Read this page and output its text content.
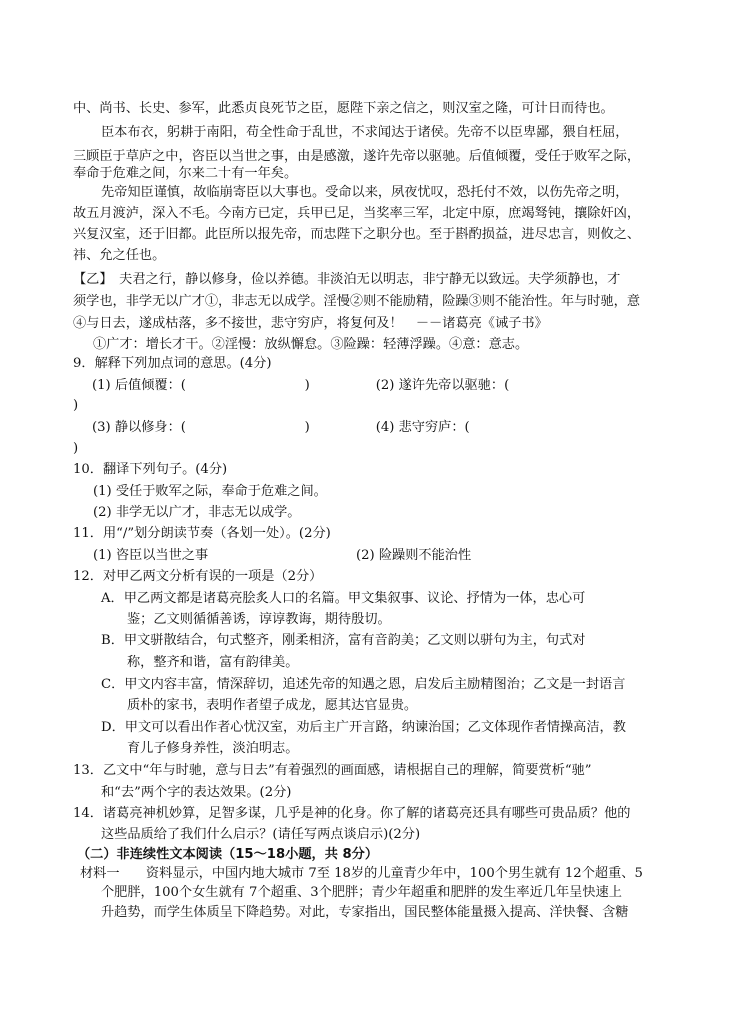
中、尚书、长史、参军，此悉贞良死节之臣，愿陛下亲之信之，则汉室之隆，可计日而待也。
臣本布衣，躬耕于南阳，苟全性命于乱世，不求闻达于诸侯。先帝不以臣卑鄙，猥自枉屈，
三顾臣于草庐之中，咨臣以当世之事，由是感激，遂许先帝以驱驰。后值倾覆，受任于败军之际，
奉命于危难之间，尔来二十有一年矣。
先帝知臣谨慎，故临崩寄臣以大事也。受命以来，夙夜忧叹，恐托付不效，以伤先帝之明，
故五月渡泸，深入不毛。今南方已定，兵甲已足，当奖率三军，北定中原，庶竭驽钝，攘除奸凶，
兴复汉室，还于旧都。此臣所以报先帝，而忠陛下之职分也。至于斟酌损益，进尽忠言，则攸之、
祎、允之任也。
【乙】　夫君之行，静以修身，俭以养德。非淡泊无以明志，非宁静无以致远。夫学须静也，才
须学也，非学无以广才①，非志无以成学。淫慢②则不能励精，险躁③则不能治性。年与时驰，意
④与日去，遂成枯落，多不接世，悲守穷庐，将复何及！　－－诸葛亮《诫子书》
①广才：增长才干。②淫慢：放纵懈怠。③险躁：轻薄浮躁。④意：意志。
9．解释下列加点词的意思。(4分)
(1) 后值倾覆：(　　　　　　　　　)　　　　　(2) 遂许先帝以驱驰：(
)
(3) 静以修身：(　　　　　　　　　)　　　　　(4) 悲守穷庐：(
)
10．翻译下列句子。(4分)
(1) 受任于败军之际，奉命于危难之间。
(2) 非学无以广才，非志无以成学。
11．用“/”划分朗读节奏（各划一处）。(2分)
(1) 咨臣以当世之事	(2) 险躁则不能治性
12．对甲乙两文分析有误的一项是（2分）
A．甲乙两文都是诸葛亮脍炙人口的名篇。甲文集叙事、议论、抒情为一体，忠心可
鉴；乙文则循循善诱，谆谆教诲，期待殷切。
B．甲文骈散结合，句式整齐，刚柔相济，富有音韵美；乙文则以骈句为主，句式对
称，整齐和谐，富有韵律美。
C．甲文内容丰富，情深辞切，追述先帝的知遇之恩，启发后主励精图治；乙文是一封语言
质朴的家书，表明作者望子成龙，愿其达官显贵。
D．甲文可以看出作者心忧汉室，劝后主广开言路，纳谏治国；乙文体现作者情操高洁，教
育儿子修身养性，淡泊明志。
13．乙文中“年与时驰，意与日去”有着强烈的画面感，请根据自己的理解，简要赏析“驰”
和“去”两个字的表达效果。(2分)
14．诸葛亮神机妙算，足智多谋，几乎是神的化身。你了解的诸葛亮还具有哪些可贵品质？他的
这些品质给了我们什么启示？(请任写两点谈启示)(2分)
（二）非连续性文本阅读（15～18小题，共 8分）
材料一　　资料显示，中国内地大城市 7至 18岁的儿童青少年中，100个男生就有 12个超重、5
个肥胖，100个女生就有 7个超重、3个肥胖；青少年超重和肥胖的发生率近几年呈快速上
升趋势，而学生体质呈下降趋势。对此，专家指出，国民整体能量摄入提高、洋快餐、含糖
